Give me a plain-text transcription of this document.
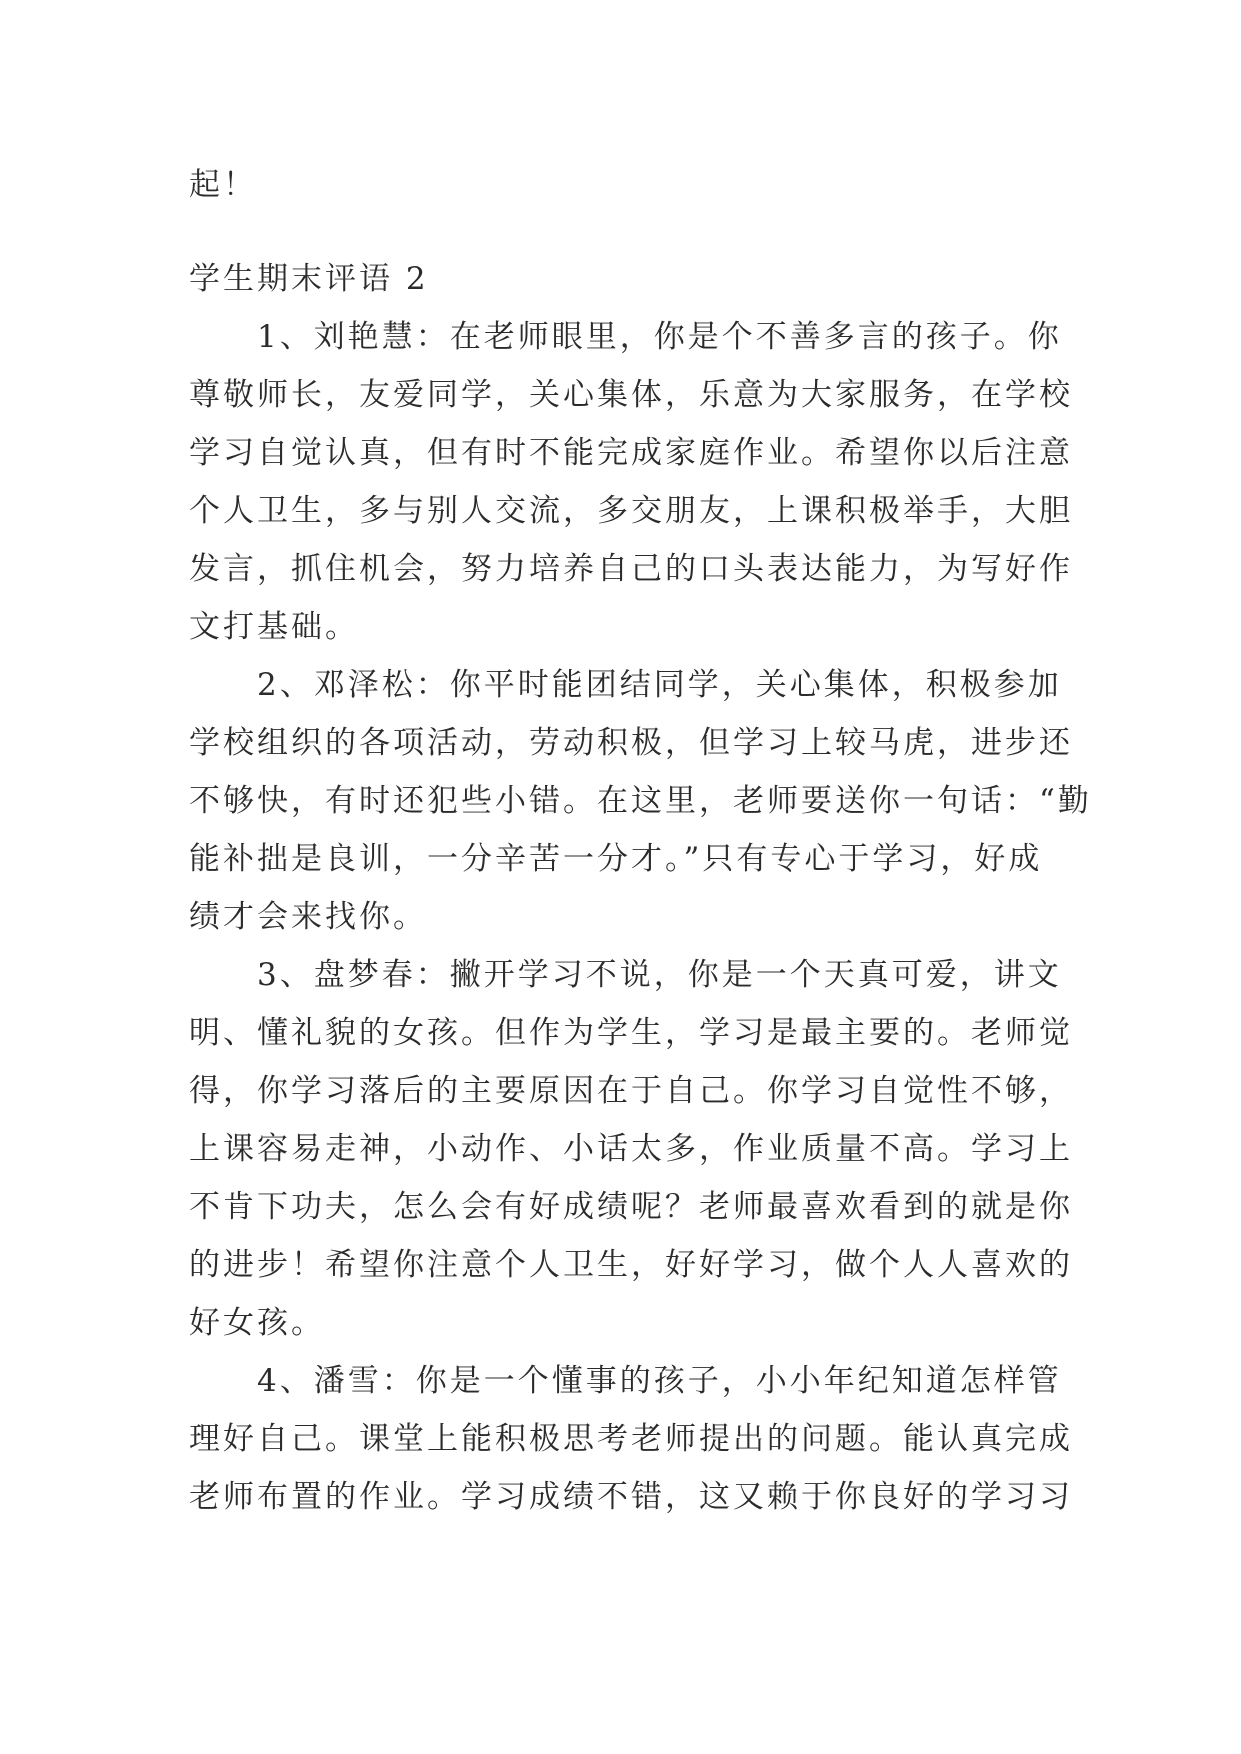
起！

学生期末评语 2

1、刘艳慧：在老师眼里，你是个不善多言的孩子。你

尊敬师长，友爱同学，关心集体，乐意为大家服务，在学校

学习自觉认真，但有时不能完成家庭作业。希望你以后注意

个人卫生，多与别人交流，多交朋友，上课积极举手，大胆

发言，抓住机会，努力培养自己的口头表达能力，为写好作

文打基础。

2、邓泽松：你平时能团结同学，关心集体，积极参加

学校组织的各项活动，劳动积极，但学习上较马虎，进步还

不够快，有时还犯些小错。在这里，老师要送你一句话：“勤

能补拙是良训，一分辛苦一分才。”只有专心于学习，好成

绩才会来找你。

3、盘梦春：撇开学习不说，你是一个天真可爱，讲文

明、懂礼貌的女孩。但作为学生，学习是最主要的。老师觉

得，你学习落后的主要原因在于自己。你学习自觉性不够，

上课容易走神，小动作、小话太多，作业质量不高。学习上

不肯下功夫，怎么会有好成绩呢？老师最喜欢看到的就是你

的进步！希望你注意个人卫生，好好学习，做个人人喜欢的

好女孩。

4、潘雪：你是一个懂事的孩子，小小年纪知道怎样管

理好自己。课堂上能积极思考老师提出的问题。能认真完成

老师布置的作业。学习成绩不错，这又赖于你良好的学习习
